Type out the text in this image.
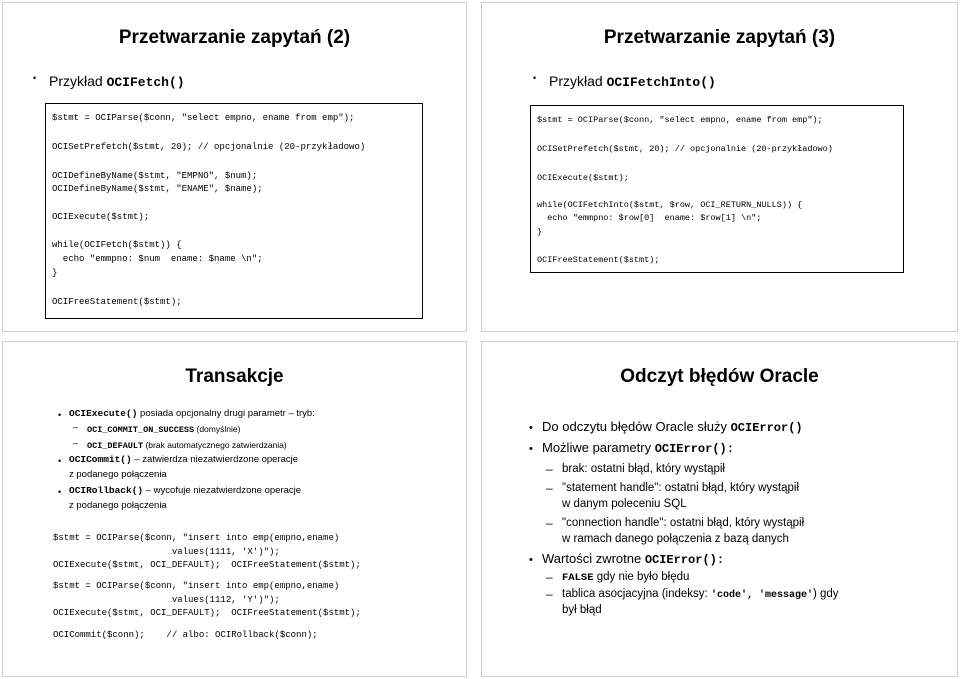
Przetwarzanie zapytań (2)
• Przykład OCIFetch()
$stmt = OCIParse($conn, "select empno, ename from emp");
OCISetPrefetch($stmt, 20); // opcjonalnie (20-przykładowo)
OCIDefineByName($stmt, "EMPNO", $num);
OCIDefineByName($stmt, "ENAME", $name);
OCIExecute($stmt);
while(OCIFetch($stmt)) {
echo "emmpno: $num  ename: $name \n";
}
OCIFreeStatement($stmt);
Przetwarzanie zapytań (3)
• Przykład OCIFetchInto()
$stmt = OCIParse($conn, "select empno, ename from emp");
OCISetPrefetch($stmt, 20); // opcjonalnie (20-przykładowo)
OCIExecute($stmt);
while(OCIFetchInto($stmt, $row, OCI_RETURN_NULLS)) {
echo "emmpno: $row[0]  ename: $row[1] \n";
}
OCIFreeStatement($stmt);
Transakcje
• OCIExecute() posiada opcjonalny drugi parametr – tryb:
– OCI_COMMIT_ON_SUCCESS (domyślnie)
– OCI_DEFAULT (brak automatycznego zatwierdzania)
• OCICommit() – zatwierdza niezatwierdzone operacje
z podanego połączenia
• OCIRollback() – wycofuje niezatwierdzone operacje
z podanego połączenia
$stmt = OCIParse($conn, "insert into emp(empno,ename)
values(1111, 'X')");
OCIExecute($stmt, OCI_DEFAULT);  OCIFreeStatement($stmt);
$stmt = OCIParse($conn, "insert into emp(empno,ename)
values(1112, 'Y')");
OCIExecute($stmt, OCI_DEFAULT);  OCIFreeStatement($stmt);
OCICommit($conn);    // albo: OCIRollback($conn);
Odczyt błędów Oracle
• Do odczytu błędów Oracle służy OCIError()
• Możliwe parametry OCIError():
– brak: ostatni błąd, który wystąpił
– "statement handle": ostatni błąd, który wystąpił
w danym poleceniu SQL
– "connection handle": ostatni błąd, który wystąpił
w ramach danego połączenia z bazą danych
• Wartości zwrotne OCIError():
– FALSE gdy nie było błędu
– tablica asocjacyjna (indeksy: 'code', 'message') gdy
był błąd
